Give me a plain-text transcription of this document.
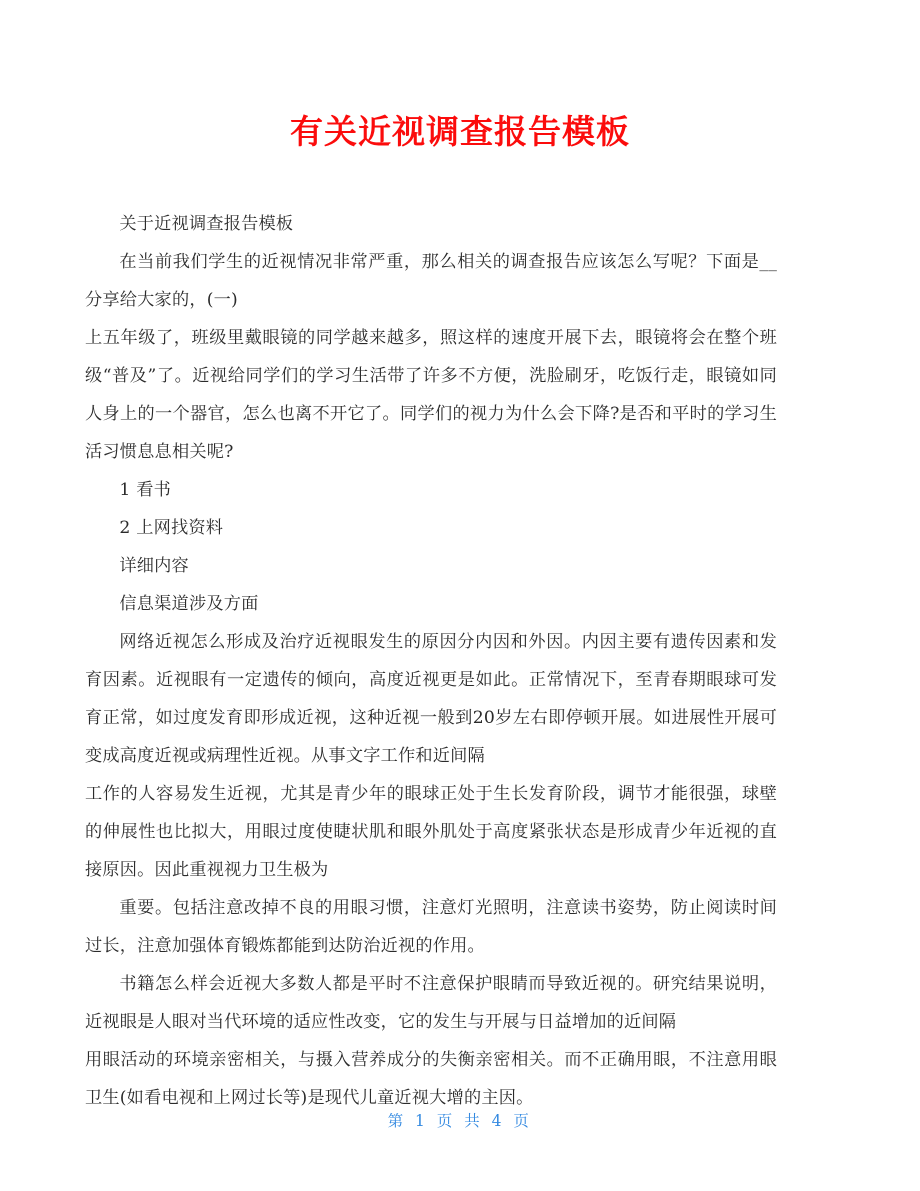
有关近视调查报告模板

关于近视调查报告模板

在当前我们学生的近视情况非常严重，那么相关的调查报告应该怎么写呢？下面是__分享给大家的，(一)

上五年级了，班级里戴眼镜的同学越来越多，照这样的速度开展下去，眼镜将会在整个班级“普及”了。近视给同学们的学习生活带了许多不方便，洗脸刷牙，吃饭行走，眼镜如同人身上的一个器官，怎么也离不开它了。同学们的视力为什么会下降?是否和平时的学习生活习惯息息相关呢?

1 看书

2 上网找资料

详细内容

信息渠道涉及方面

网络近视怎么形成及治疗近视眼发生的原因分内因和外因。内因主要有遗传因素和发育因素。近视眼有一定遗传的倾向，高度近视更是如此。正常情况下，至青春期眼球可发育正常，如过度发育即形成近视，这种近视一般到20岁左右即停顿开展。如进展性开展可变成高度近视或病理性近视。从事文字工作和近间隔

工作的人容易发生近视，尤其是青少年的眼球正处于生长发育阶段，调节才能很强，球壁的伸展性也比拟大，用眼过度使睫状肌和眼外肌处于高度紧张状态是形成青少年近视的直接原因。因此重视视力卫生极为

重要。包括注意改掉不良的用眼习惯，注意灯光照明，注意读书姿势，防止阅读时间过长，注意加强体育锻炼都能到达防治近视的作用。

书籍怎么样会近视大多数人都是平时不注意保护眼睛而导致近视的。研究结果说明，近视眼是人眼对当代环境的适应性改变，它的发生与开展与日益增加的近间隔

用眼活动的环境亲密相关，与摄入营养成分的失衡亲密相关。而不正确用眼，不注意用眼卫生(如看电视和上网过长等)是现代儿童近视大增的主因。

第 1 页 共 4 页
